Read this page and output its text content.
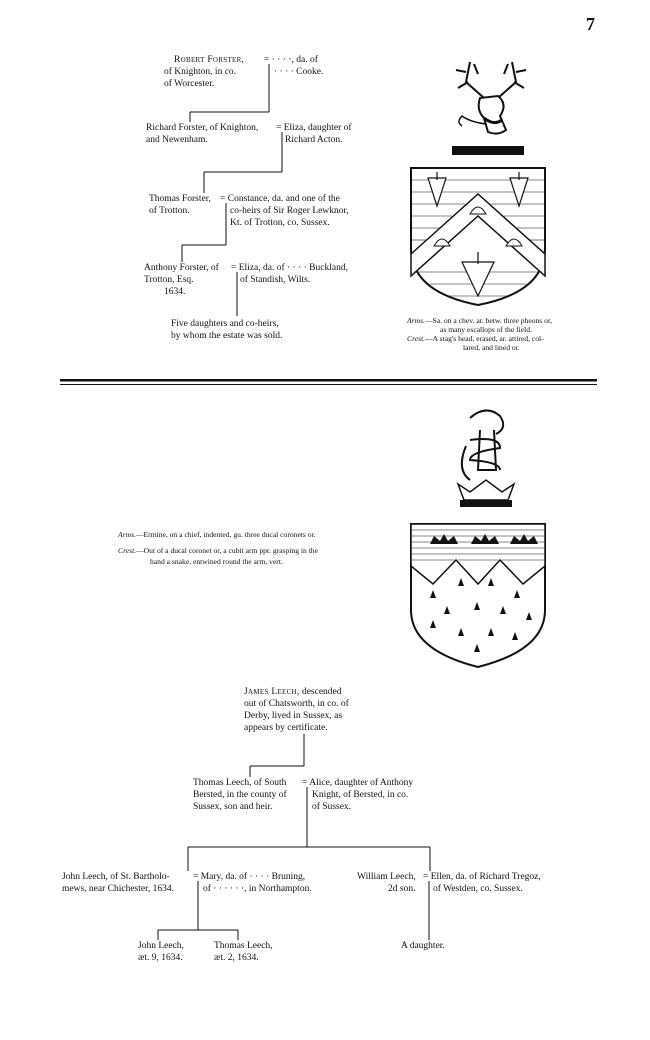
7
Robert Forster,
of Knighton, in co.
of Worcester.
= · · · ·, da. of
· · · · Cooke.
Richard Forster, of Knighton,
and Newenham.
= Eliza, daughter of
Richard Acton.
Thomas Forster,
of Trotton.
= Constance, da. and one of the
co-heirs of Sir Roger Lewknor,
Kt. of Trotton, co. Sussex.
Anthony Forster, of
Trotton, Esq.
1634.
= Eliza, da. of · · · · Buckland,
of Standish, Wilts.
Five daughters and co-heirs,
by whom the estate was sold.
Arms.—Sa. on a chev. ar. betw. three pheons or,
as many escallops of the field.
Crest.—A stag's head, erased, ar. attired, col-
lared, and lined or.
Arms.—Ermine, on a chief, indented, gu. three ducal coronets or.
Crest.—Out of a ducal coronet or, a cubit arm ppr. grasping in the
hand a snake, entwined round the arm, vert.
James Leech, descended
out of Chatsworth, in co. of
Derby, lived in Sussex, as
appears by certificate.
Thomas Leech, of South
Bersted, in the county of
Sussex, son and heir.
= Alice, daughter of Anthony
Knight, of Bersted, in co.
of Sussex.
John Leech, of St. Bartholo-
mews, near Chichester, 1634.
= Mary, da. of · · · · Bruning,
of · · · · · ·, in Northampton.
William Leech,
2d son.
= Ellen, da. of Richard Tregoz,
of Westden, co. Sussex.
John Leech,
æt. 9, 1634.
Thomas Leech,
æt. 2, 1634.
A daughter.
